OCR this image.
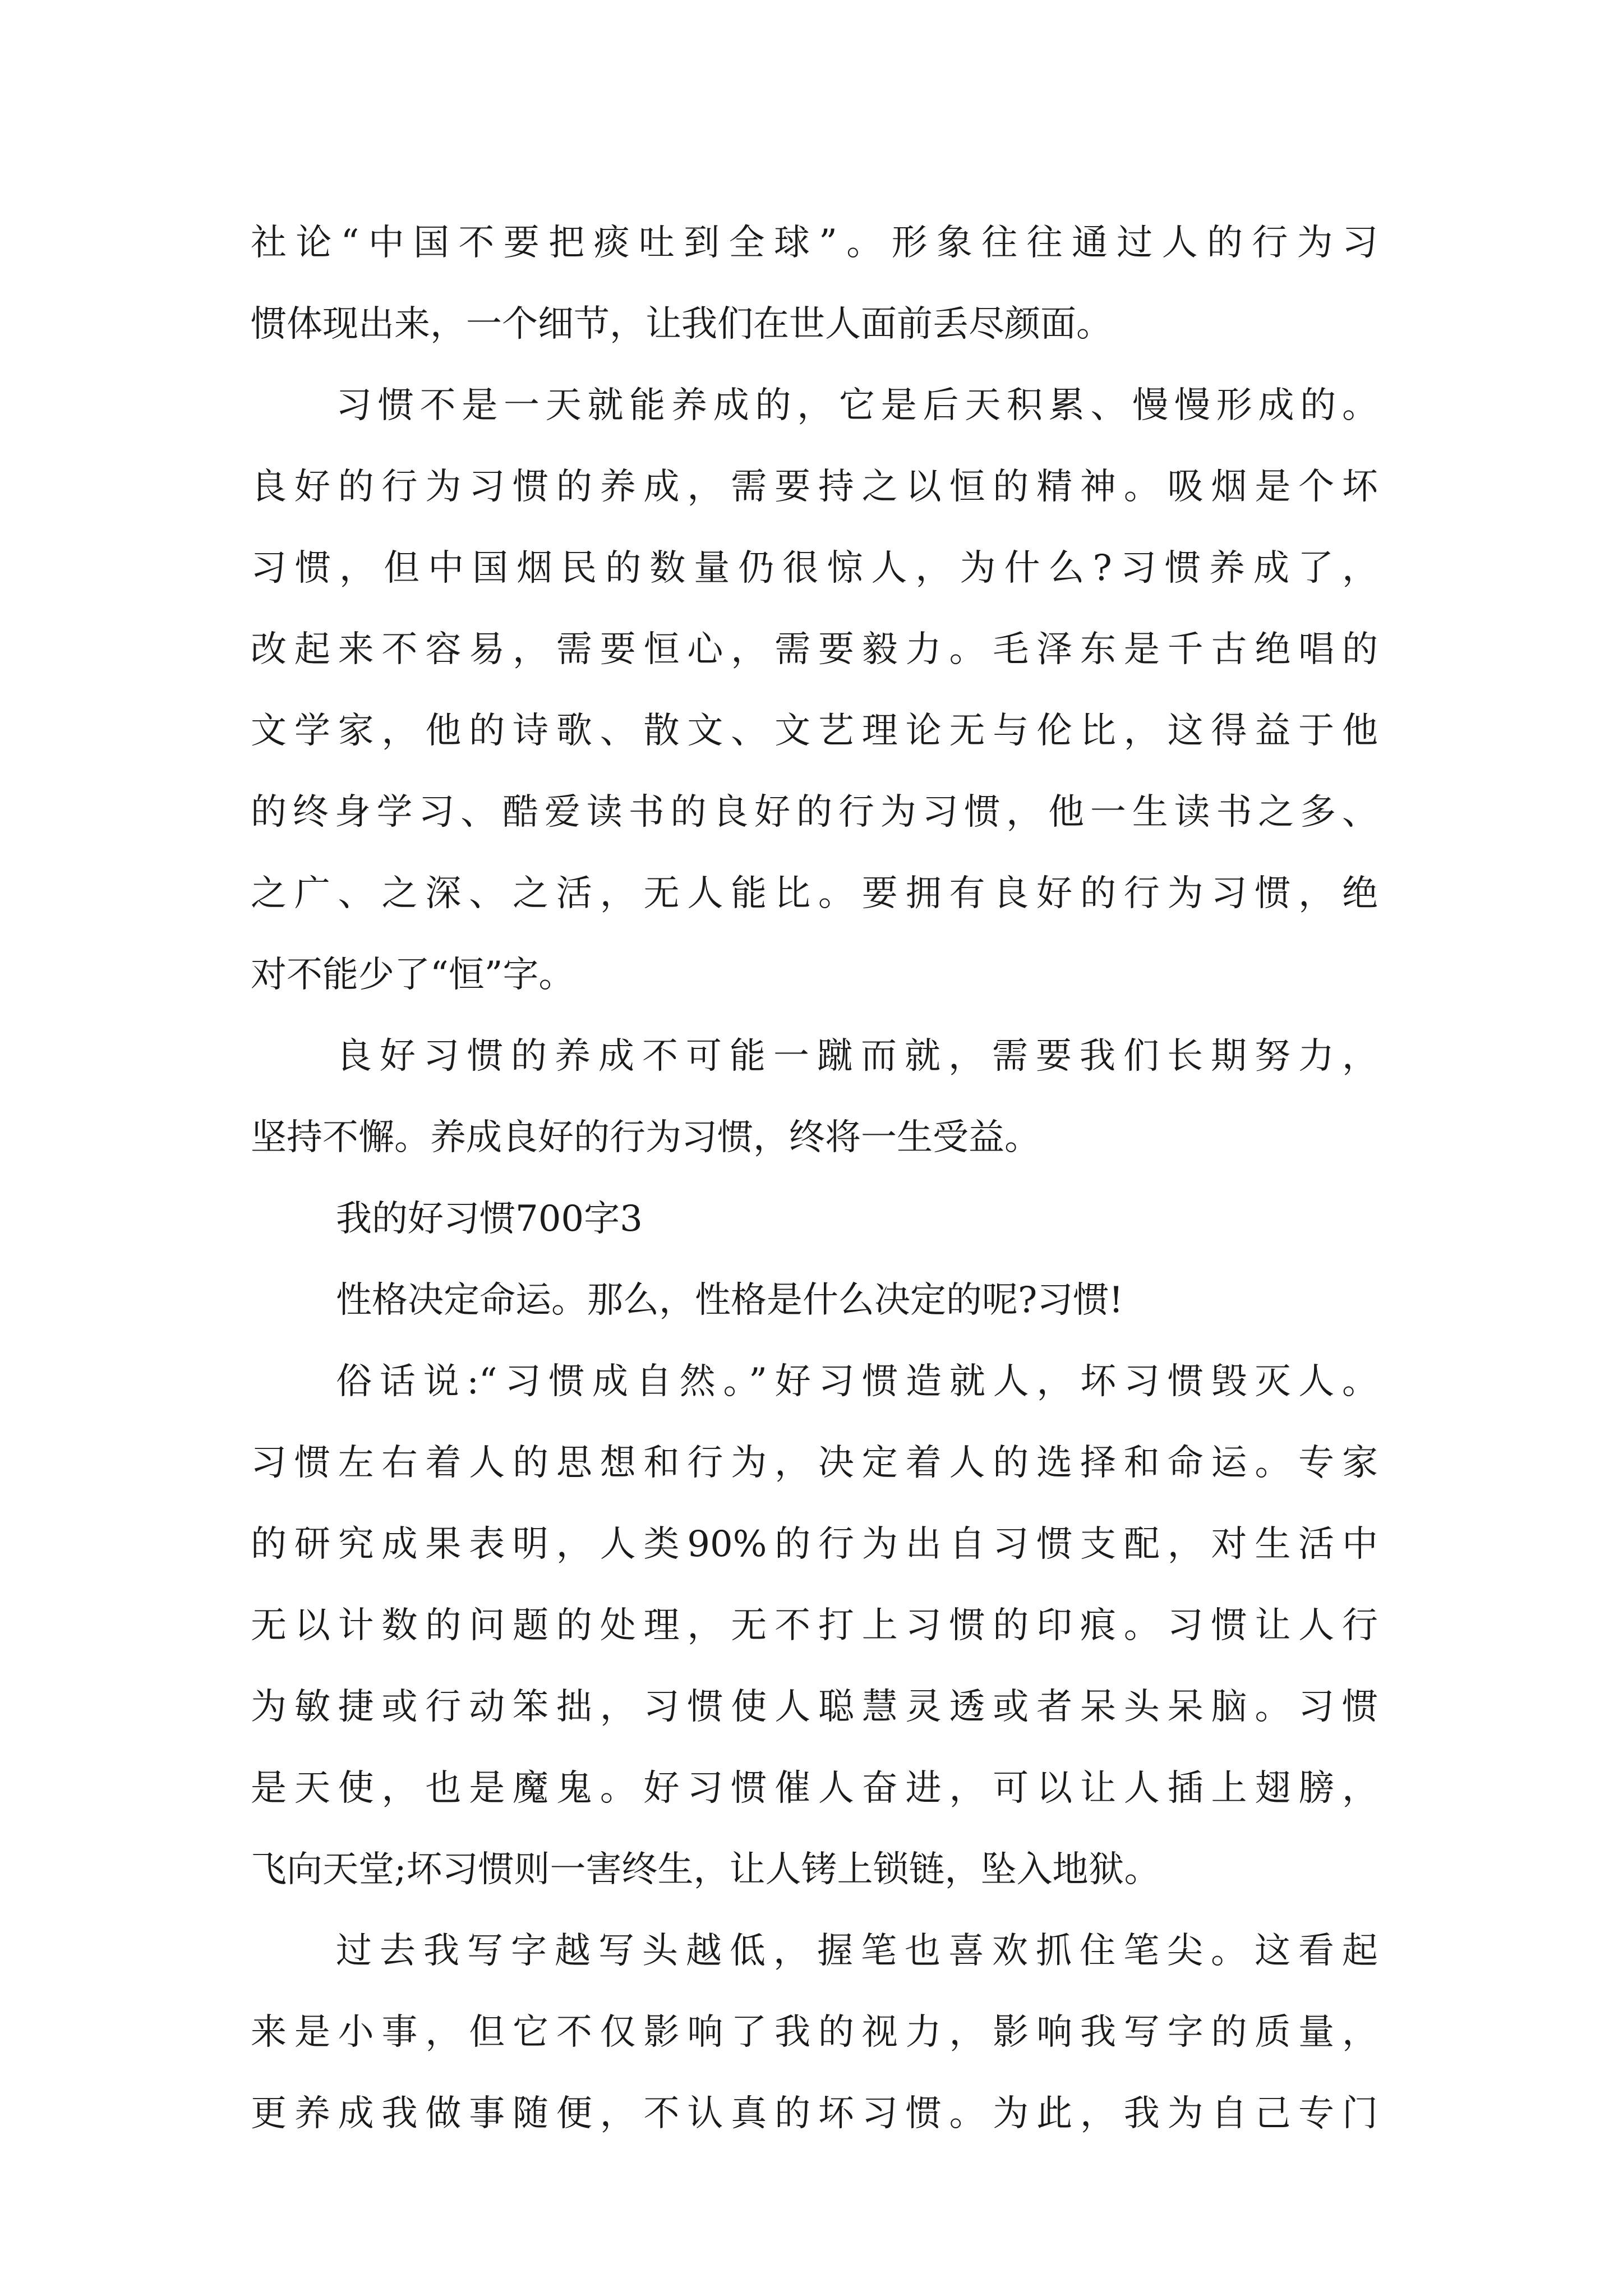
社论“中国不要把痰吐到全球”。形象往往通过人的行为习
惯体现出来，一个细节，让我们在世人面前丢尽颜面。
习惯不是一天就能养成的，它是后天积累、慢慢形成的。
良好的行为习惯的养成，需要持之以恒的精神。吸烟是个坏
习惯，但中国烟民的数量仍很惊人，为什么?习惯养成了，
改起来不容易，需要恒心，需要毅力。毛泽东是千古绝唱的
文学家，他的诗歌、散文、文艺理论无与伦比，这得益于他
的终身学习、酷爱读书的良好的行为习惯，他一生读书之多、
之广、之深、之活，无人能比。要拥有良好的行为习惯，绝
对不能少了“恒”字。
良好习惯的养成不可能一蹴而就，需要我们长期努力，
坚持不懈。养成良好的行为习惯，终将一生受益。
我的好习惯700字3
性格决定命运。那么，性格是什么决定的呢?习惯!
俗话说:“习惯成自然。”好习惯造就人，坏习惯毁灭人。
习惯左右着人的思想和行为，决定着人的选择和命运。专家
的研究成果表明，人类90%的行为出自习惯支配，对生活中
无以计数的问题的处理，无不打上习惯的印痕。习惯让人行
为敏捷或行动笨拙，习惯使人聪慧灵透或者呆头呆脑。习惯
是天使，也是魔鬼。好习惯催人奋进，可以让人插上翅膀，
飞向天堂;坏习惯则一害终生，让人铐上锁链，坠入地狱。
过去我写字越写头越低，握笔也喜欢抓住笔尖。这看起
来是小事，但它不仅影响了我的视力，影响我写字的质量，
更养成我做事随便，不认真的坏习惯。为此，我为自己专门
